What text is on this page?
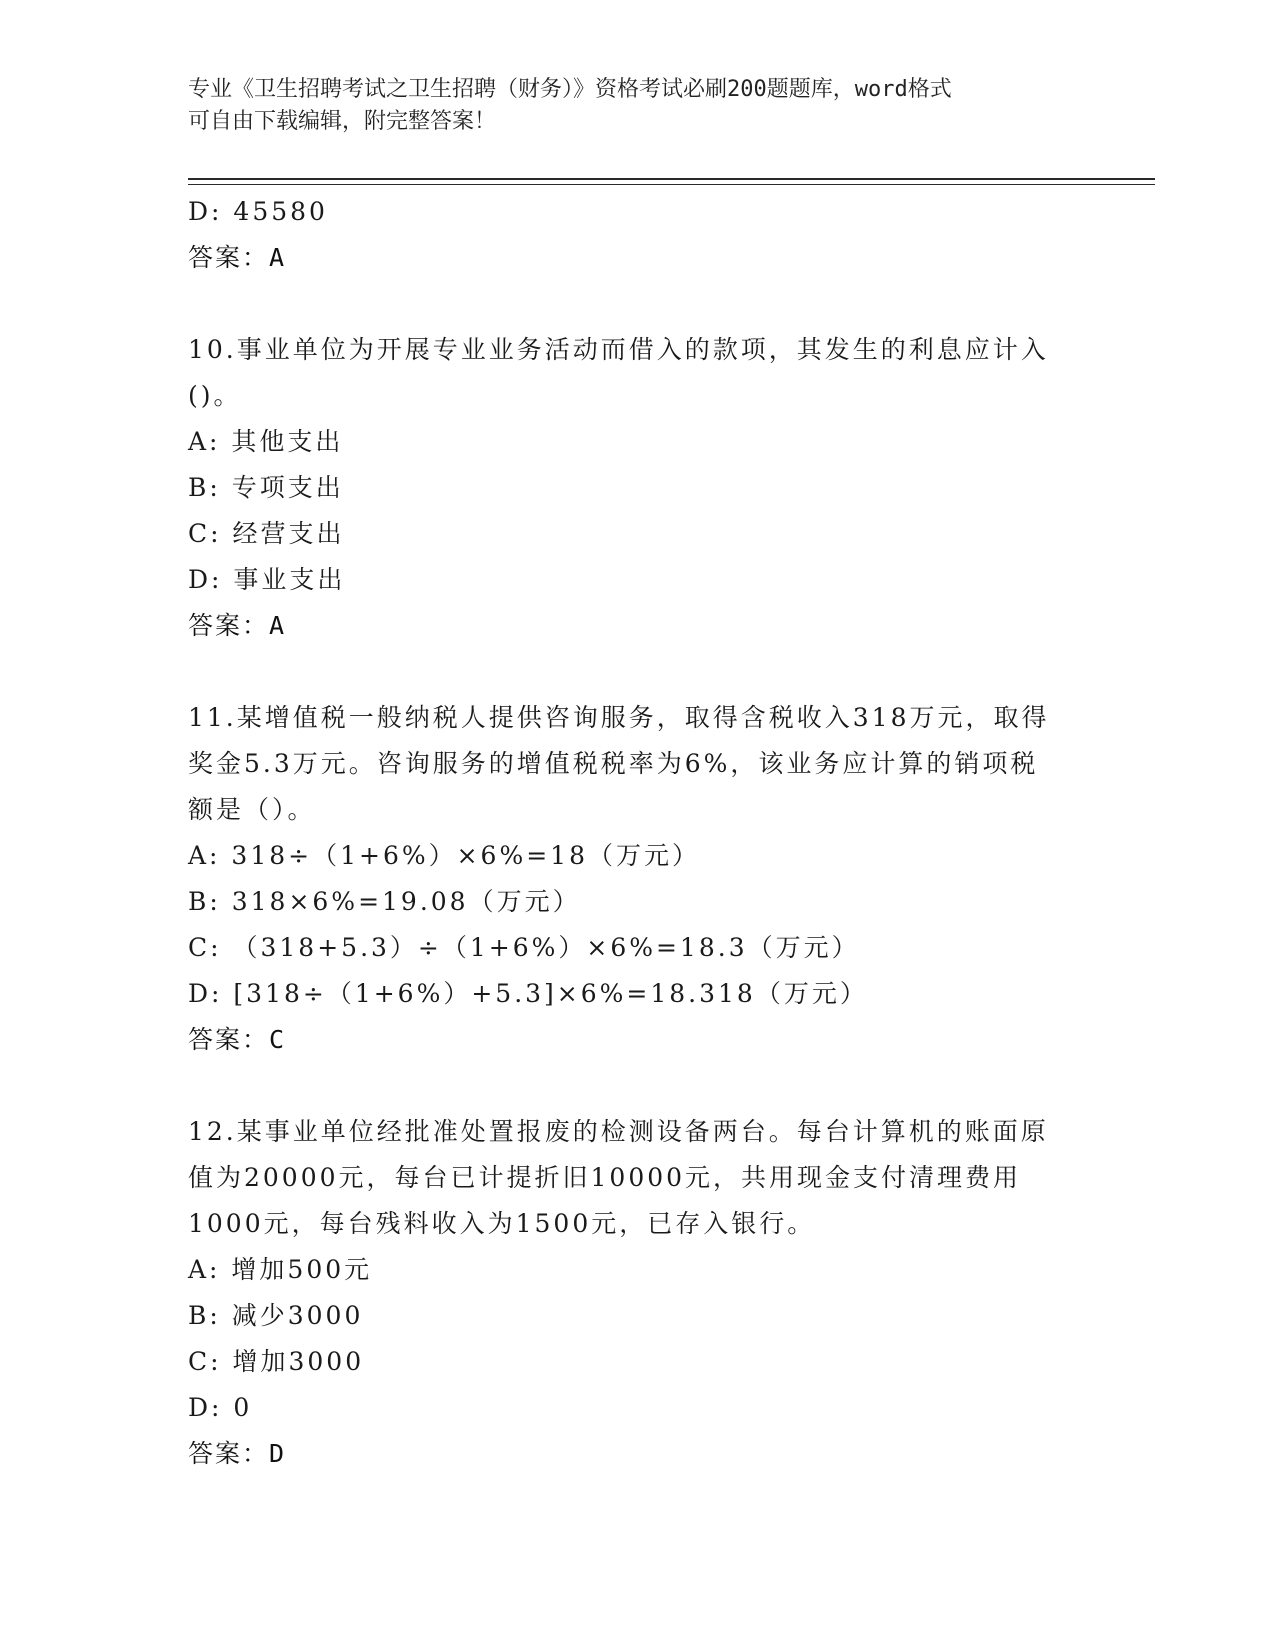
专业《卫生招聘考试之卫生招聘（财务）》资格考试必刷200题题库，word格式
可自由下载编辑，附完整答案！
D: 45580
答案：A
10.事业单位为开展专业业务活动而借入的款项，其发生的利息应计入
()。
A: 其他支出
B: 专项支出
C: 经营支出
D: 事业支出
答案：A
11.某增值税一般纳税人提供咨询服务，取得含税收入318万元，取得
奖金5.3万元。咨询服务的增值税税率为6%，该业务应计算的销项税
额是（）。
A: 318÷（1+6%）×6%=18（万元）
B: 318×6%=19.08（万元）
C: （318+5.3）÷（1+6%）×6%=18.3（万元）
D: [318÷（1+6%）+5.3]×6%=18.318（万元）
答案：C
12.某事业单位经批准处置报废的检测设备两台。每台计算机的账面原
值为20000元，每台已计提折旧10000元，共用现金支付清理费用
1000元，每台残料收入为1500元，已存入银行。
A: 增加500元
B: 减少3000
C: 增加3000
D: 0
答案：D
